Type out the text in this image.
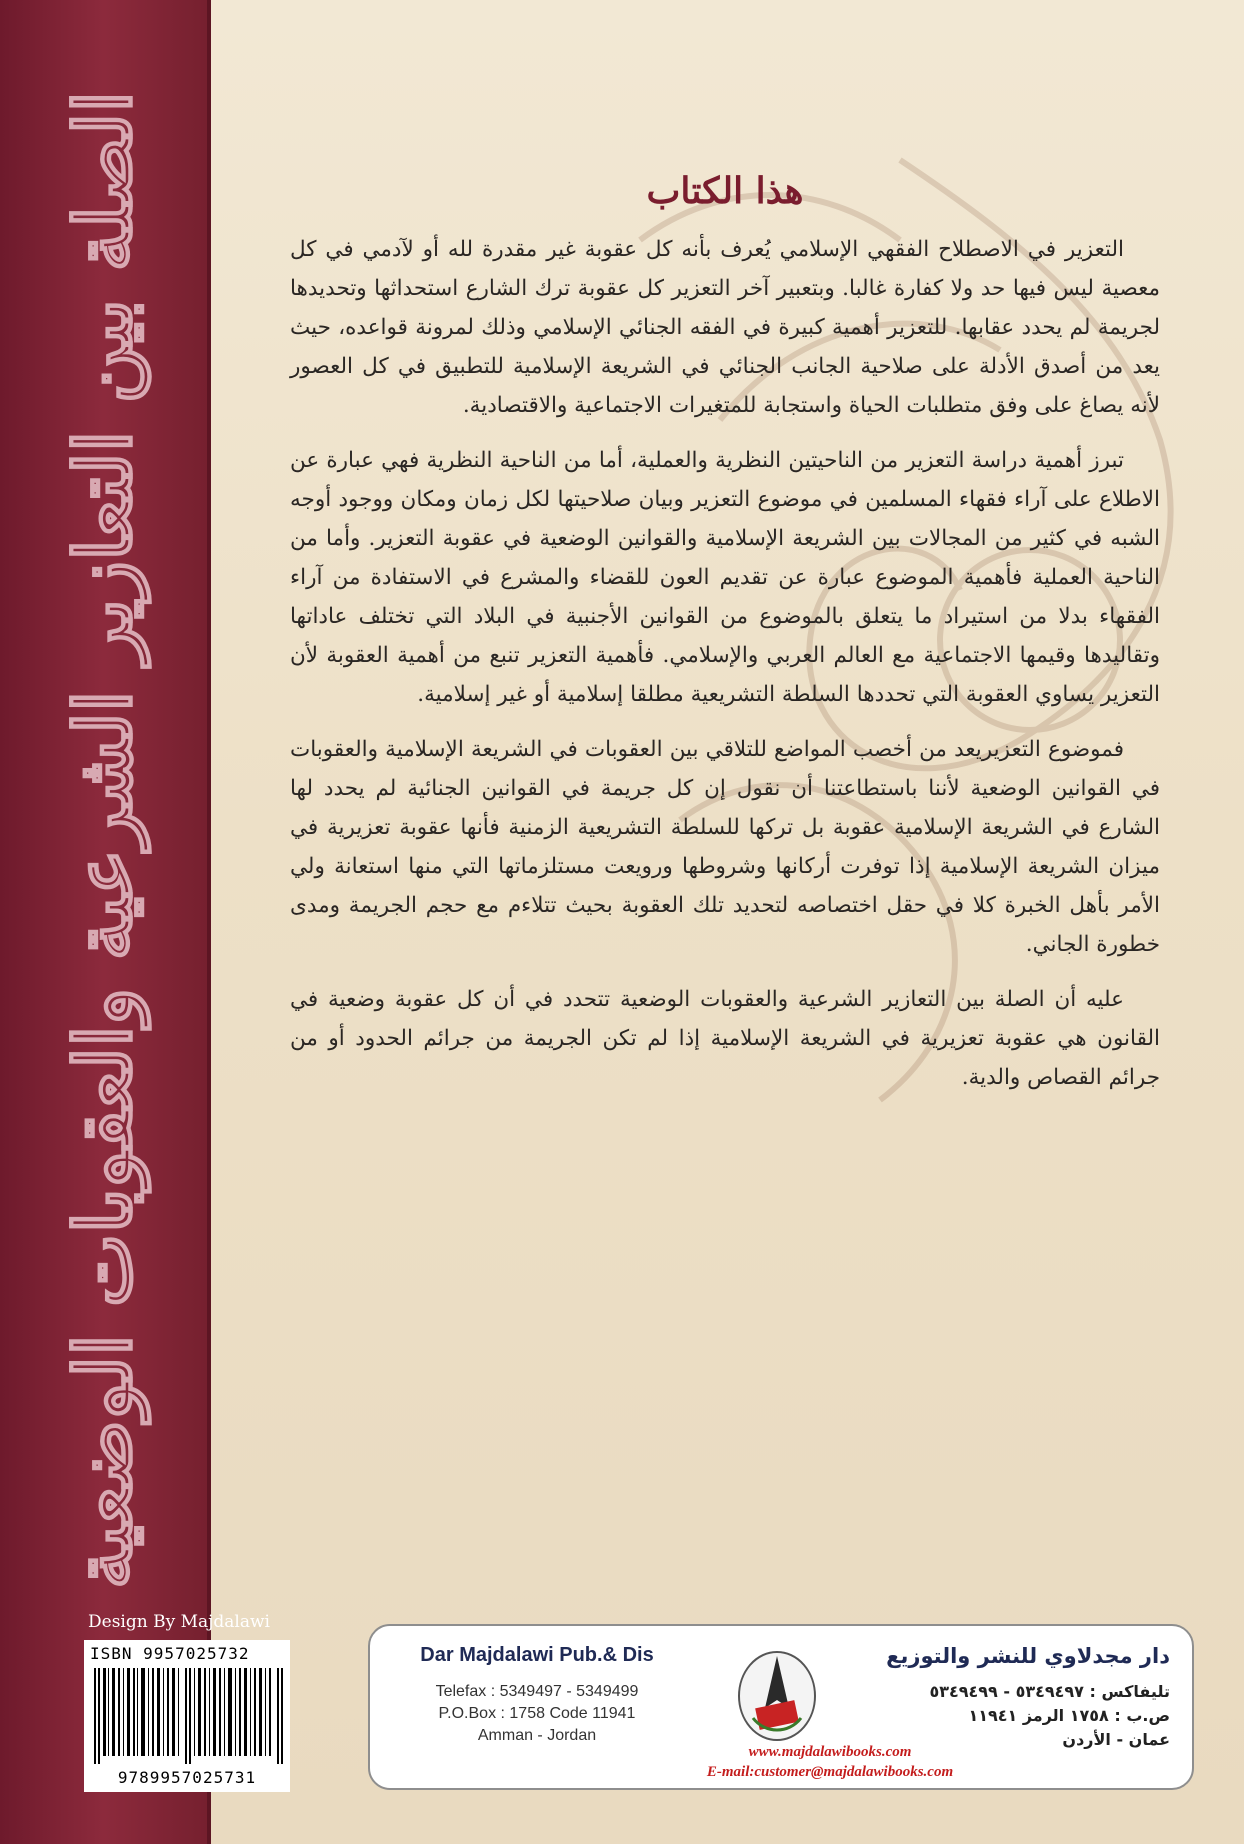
الصلة بين التعازير الشرعية والعقوبات الوضعية	هذا الكتاب

التعزير في الاصطلاح الفقهي الإسلامي يُعرف بأنه كل عقوبة غير مقدرة لله أو لآدمي في كل معصية ليس فيها حد ولا كفارة غالبا. وبتعبير آخر التعزير كل عقوبة ترك الشارع استحداثها وتحديدها لجريمة لم يحدد عقابها. للتعزير أهمية كبيرة في الفقه الجنائي الإسلامي وذلك لمرونة قواعده، حيث يعد من أصدق الأدلة على صلاحية الجانب الجنائي في الشريعة الإسلامية للتطبيق في كل العصور لأنه يصاغ على وفق متطلبات الحياة واستجابة للمتغيرات الاجتماعية والاقتصادية.

تبرز أهمية دراسة التعزير من الناحيتين النظرية والعملية، أما من الناحية النظرية فهي عبارة عن الاطلاع على آراء فقهاء المسلمين في موضوع التعزير وبيان صلاحيتها لكل زمان ومكان ووجود أوجه الشبه في كثير من المجالات بين الشريعة الإسلامية والقوانين الوضعية في عقوبة التعزير. وأما من الناحية العملية فأهمية الموضوع عبارة عن تقديم العون للقضاء والمشرع في الاستفادة من آراء الفقهاء بدلا من استيراد ما يتعلق بالموضوع من القوانين الأجنبية في البلاد التي تختلف عاداتها وتقاليدها وقيمها الاجتماعية مع العالم العربي والإسلامي. فأهمية التعزير تنبع من أهمية العقوبة لأن التعزير يساوي العقوبة التي تحددها السلطة التشريعية مطلقا إسلامية أو غير إسلامية.

فموضوع التعزيريعد من أخصب المواضع للتلاقي بين العقوبات في الشريعة الإسلامية والعقوبات في القوانين الوضعية لأننا باستطاعتنا أن نقول إن كل جريمة في القوانين الجنائية لم يحدد لها الشارع في الشريعة الإسلامية عقوبة بل تركها للسلطة التشريعية الزمنية فأنها عقوبة تعزيرية في ميزان الشريعة الإسلامية إذا توفرت أركانها وشروطها ورويعت مستلزماتها التي منها استعانة ولي الأمر بأهل الخبرة كلا في حقل اختصاصه لتحديد تلك العقوبة بحيث تتلاءم مع حجم الجريمة ومدى خطورة الجاني.

عليه أن الصلة بين التعازير الشرعية والعقوبات الوضعية تتحدد في أن كل عقوبة وضعية في القانون هي عقوبة تعزيرية في الشريعة الإسلامية إذا لم تكن الجريمة من جرائم الحدود أو من جرائم القصاص والدية.

Design By Majdalawi
ISBN 9957025732
9789957025731
Dar Majdalawi Pub.& Dis
Telefax : 5349497 - 5349499
P.O.Box : 1758 Code 11941
Amman - Jordan
دار مجدلاوي للنشر والتوزيع
تليفاكس : ٥٣٤٩٤٩٧ - ٥٣٤٩٤٩٩
ص.ب : ١٧٥٨ الرمز ١١٩٤١
عمان - الأردن
www.majdalawibooks.com
E-mail:customer@majdalawibooks.com
